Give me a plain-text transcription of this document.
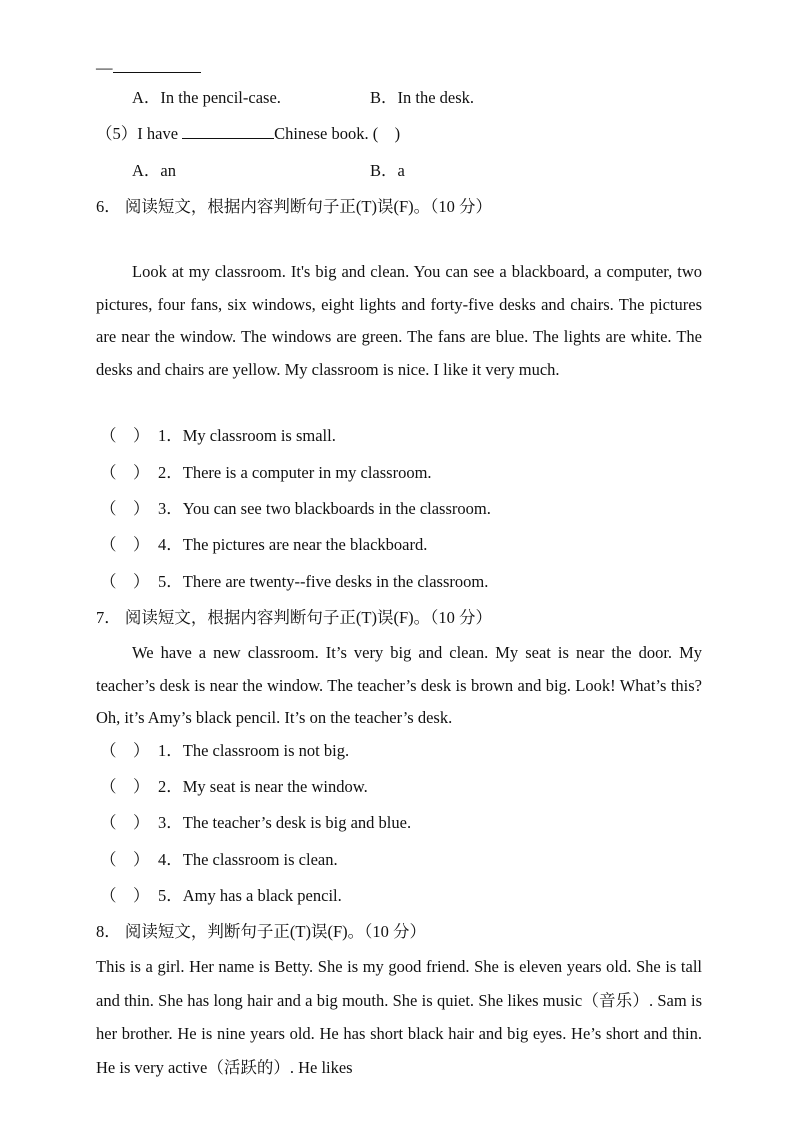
—
A．In the pencil-case.	B．In the desk.
（5）I have	Chinese book. (    )
A．an	B．a
6． 阅读短文，根据内容判断句子正(T)误(F)。（10 分）
Look at my classroom. It's big and clean. You can see a blackboard, a computer, two pictures, four fans, six windows, eight lights and forty-five desks and chairs. The pictures are near the window. The windows are green. The fans are blue. The lights are white. The desks and chairs are yellow. My classroom is nice. I like it very much.
（    ） 1．My classroom is small.
（    ） 2．There is a computer in my classroom.
（    ） 3．You can see two blackboards in the classroom.
（    ） 4．The pictures are near the blackboard.
（    ） 5．There are twenty--five desks in the classroom.
7． 阅读短文，根据内容判断句子正(T)误(F)。（10 分）
We have a new classroom. It’s very big and clean. My seat is near the door. My teacher’s desk is near the window. The teacher’s desk is brown and big. Look! What’s this? Oh, it’s Amy’s black pencil. It’s on the teacher’s desk.
（    ） 1．The classroom is not big.
（    ） 2．My seat is near the window.
（    ） 3．The teacher’s desk is big and blue.
（    ） 4．The classroom is clean.
（    ） 5．Amy has a black pencil.
8． 阅读短文，判断句子正(T)误(F)。（10 分）
This is a girl. Her name is Betty. She is my good friend. She is eleven years old. She is tall and thin. She has long hair and a big mouth. She is quiet. She likes music（音乐）. Sam is her brother. He is nine years old. He has short black hair and big eyes. He’s short and thin. He is very active（活跃的）. He likes
